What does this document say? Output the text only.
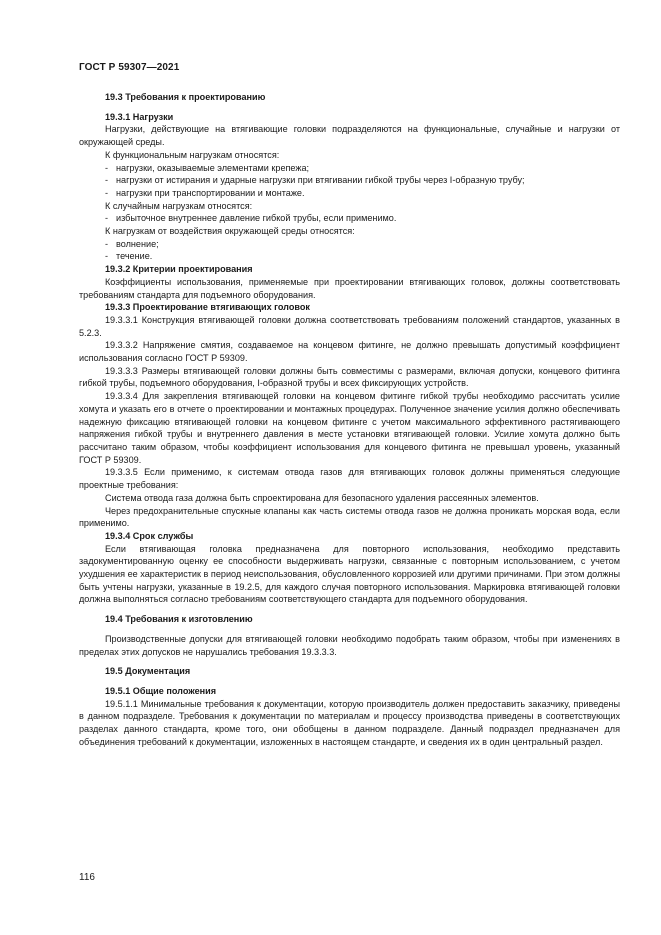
ГОСТ Р 59307—2021
19.3 Требования к проектированию
19.3.1 Нагрузки
Нагрузки, действующие на втягивающие головки подразделяются на функциональные, случайные и нагрузки от окружающей среды.
К функциональным нагрузкам относятся:
- нагрузки, оказываемые элементами крепежа;
- нагрузки от истирания и ударные нагрузки при втягивании гибкой трубы через I-образную трубу;
- нагрузки при транспортировании и монтаже.
К случайным нагрузкам относятся:
- избыточное внутреннее давление гибкой трубы, если применимо.
К нагрузкам от воздействия окружающей среды относятся:
- волнение;
- течение.
19.3.2 Критерии проектирования
Коэффициенты использования, применяемые при проектировании втягивающих головок, должны соответствовать требованиям стандарта для подъемного оборудования.
19.3.3 Проектирование втягивающих головок
19.3.3.1 Конструкция втягивающей головки должна соответствовать требованиям положений стандартов, указанных в 5.2.3.
19.3.3.2 Напряжение смятия, создаваемое на концевом фитинге, не должно превышать допустимый коэффициент использования согласно ГОСТ Р 59309.
19.3.3.3 Размеры втягивающей головки должны быть совместимы с размерами, включая допуски, концевого фитинга гибкой трубы, подъемного оборудования, I-образной трубы и всех фиксирующих устройств.
19.3.3.4 Для закрепления втягивающей головки на концевом фитинге гибкой трубы необходимо рассчитать усилие хомута и указать его в отчете о проектировании и монтажных процедурах. Полученное значение усилия должно обеспечивать надежную фиксацию втягивающей головки на концевом фитинге с учетом максимального эффективного растягивающего напряжения гибкой трубы и внутреннего давления в месте установки втягивающей головки. Усилие хомута должно быть рассчитано таким образом, чтобы коэффициент использования для концевого фитинга не превышал уровень, указанный ГОСТ Р 59309.
19.3.3.5 Если применимо, к системам отвода газов для втягивающих головок должны применяться следующие проектные требования:
Система отвода газа должна быть спроектирована для безопасного удаления рассеянных элементов.
Через предохранительные спускные клапаны как часть системы отвода газов не должна проникать морская вода, если применимо.
19.3.4 Срок службы
Если втягивающая головка предназначена для повторного использования, необходимо представить задокументированную оценку ее способности выдерживать нагрузки, связанные с повторным использованием, с учетом ухудшения ее характеристик в период неиспользования, обусловленного коррозией или другими причинами. При этом должны быть учтены нагрузки, указанные в 19.2.5, для каждого случая повторного использования. Маркировка втягивающей головки должна выполняться согласно требованиям соответствующего стандарта для подъемного оборудования.
19.4 Требования к изготовлению
Производственные допуски для втягивающей головки необходимо подобрать таким образом, чтобы при изменениях в пределах этих допусков не нарушались требования 19.3.3.3.
19.5 Документация
19.5.1 Общие положения
19.5.1.1 Минимальные требования к документации, которую производитель должен предоставить заказчику, приведены в данном подразделе. Требования к документации по материалам и процессу производства приведены в соответствующих разделах данного стандарта, кроме того, они обобщены в данном подразделе. Данный подраздел предназначен для объединения требований к документации, изложенных в настоящем стандарте, и сведения их в один центральный раздел.
116
